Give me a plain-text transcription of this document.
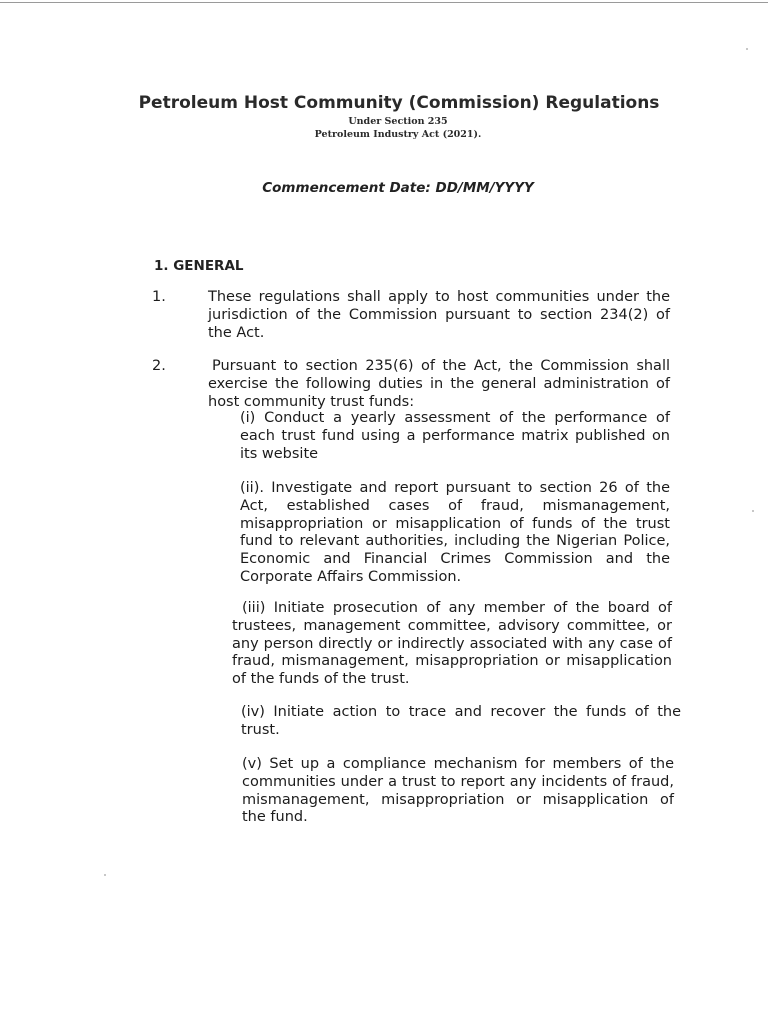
Petroleum Host Community (Commission) Regulations
Under Section 235
Petroleum Industry Act (2021).
Commencement Date: DD/MM/YYYY
1. GENERAL
1.	These regulations shall apply to host communities under the jurisdiction of the Commission pursuant to section 234(2) of the Act.

2.	Pursuant to section 235(6) of the Act, the Commission shall exercise the following duties in the general administration of host community trust funds:

(i) Conduct a yearly assessment of the performance of each trust fund using a performance matrix published on its website

(ii). Investigate and report pursuant to section 26 of the Act, established cases of fraud, mismanagement, misappropriation or misapplication of funds of the trust fund to relevant authorities, including the Nigerian Police, Economic and Financial Crimes Commission and the Corporate Affairs Commission.

(iii) Initiate prosecution of any member of the board of trustees, management committee, advisory committee, or any person directly or indirectly associated with any case of fraud, mismanagement, misappropriation or misapplication of the funds of the trust.

(iv) Initiate action to trace and recover the funds of the trust.

(v) Set up a compliance mechanism for members of the communities under a trust to report any incidents of fraud, mismanagement, misappropriation or misapplication of the fund.
